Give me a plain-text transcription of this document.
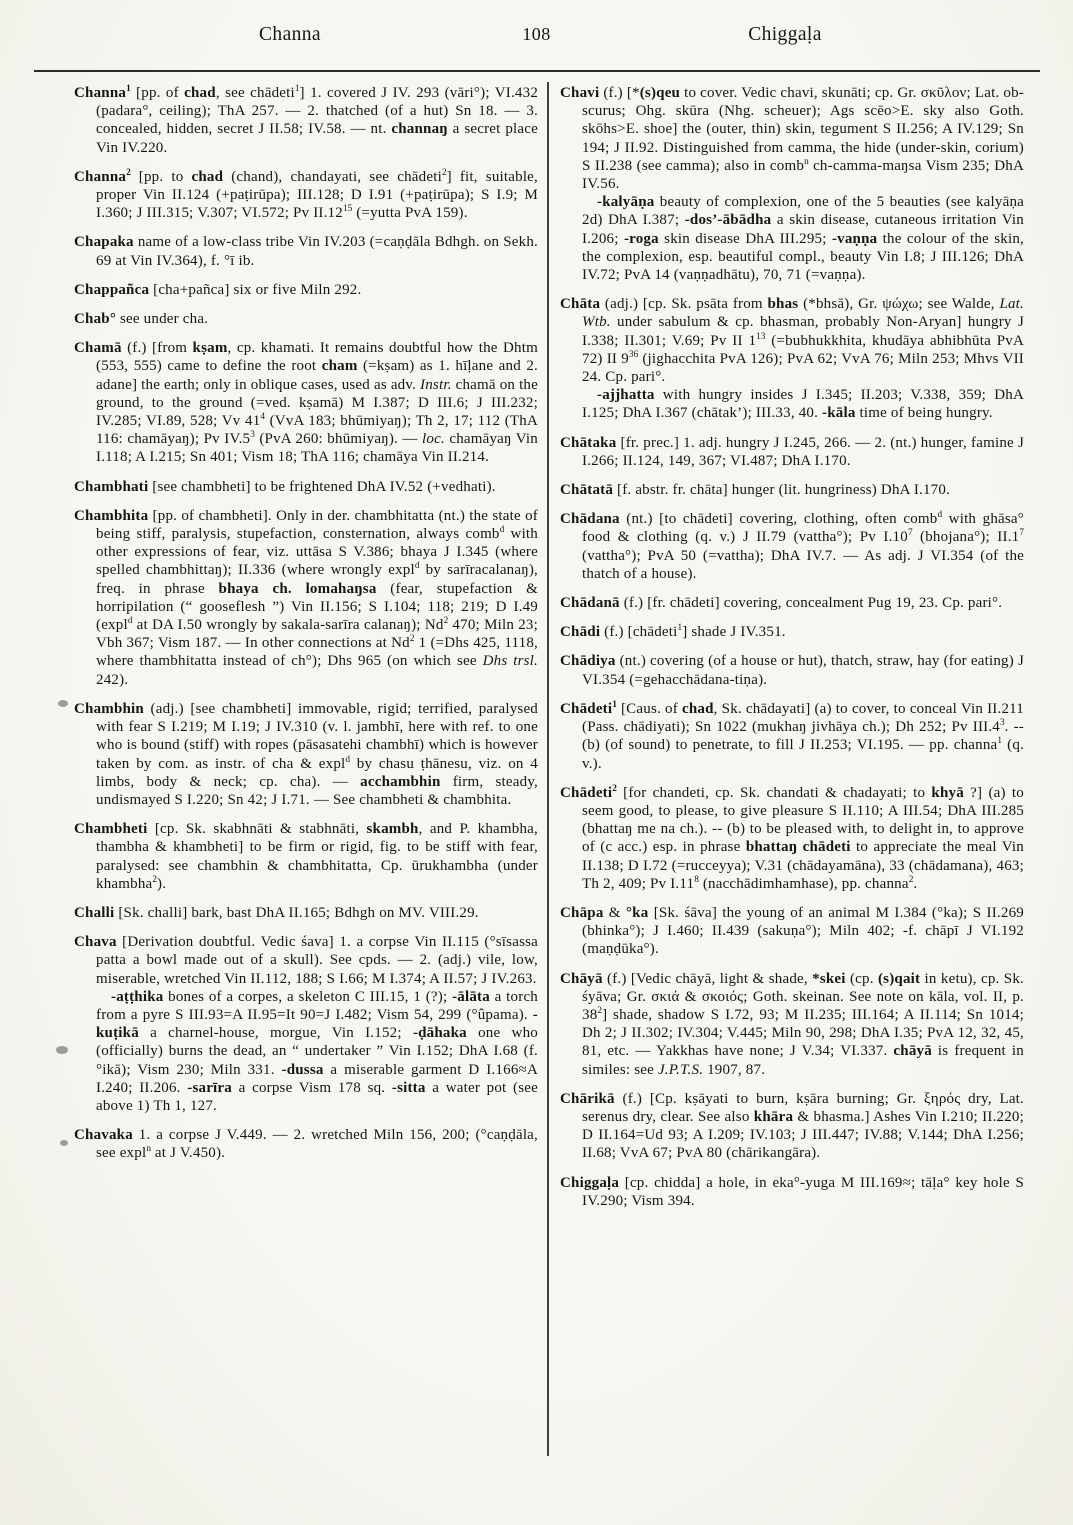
Channa	108	Chiggaḷa

Channa$^1$ [pp. of chad, see chādeti$^1$] 1. covered J IV. 293 (vāri°); VI.432 (padara°, ceiling); ThA 257. — 2. thatched (of a hut) Sn 18. — 3. concealed, hidden, secret J II.58; IV.58. — nt. channaŋ a secret place Vin IV.220.

Channa$^2$ [pp. to chad (chand), chandayati, see chādeti$^2$] fit, suitable, proper Vin II.124 (+paṭirūpa); III.128; D I.91 (+paṭirūpa); S I.9; M I.360; J III.315; V.307; VI.572; Pv $II.12^{15}$ (=yutta PvA 159).

Chapaka name of a low-class tribe Vin IV.203 (=caṇḍāla Bdhgh. on Sekh. 69 at Vin IV.364), f. °ī ib.

Chappañca [cha+pañca] six or five Miln 292.

Chab° see under cha.

Chamā (f.) [from kṣam, cp. khamati. It remains doubtful how the Dhtm (553, 555) came to define the root cham (=kṣam) as 1. hīḷane and 2. adane] the earth; only in oblique cases, used as adv. Instr. chamā on the ground, to the ground (=ved. kṣamā) M I.387; D III.6; J III.232; IV.285; VI.89, 528; Vv $41^4$ (VvA 183; bhūmiyaŋ); Th 2, 17; 112 (ThA 116: chamāyaŋ); Pv $IV.5^3$ (PvA 260: bhūmiyaŋ). — loc. chamāyaŋ Vin I.118; A I.215; Sn 401; Vism 18; ThA 116; chamāya Vin II.214.

Chambhati [see chambheti] to be frightened DhA IV.52 (+vedhati).

Chambhita [pp. of chambheti]. Only in der. chambhitatta (nt.) the state of being stiff, paralysis, stupefaction, consternation, always comb$^d$ with other expressions of fear, viz. uttāsa S V.386; bhaya J I.345 (where spelled chambhittaŋ); II.336 (where wrongly expl$^d$ by sarīracalanaŋ), freq. in phrase bhaya ch. lomahaŋsa (fear, stupefaction & horripilation (“ gooseflesh ”) Vin II.156; S I.104; 118; 219; D I.49 (expl$^d$ at DA I.50 wrongly by sakala-sarīra calanaŋ); Nd$^2$ 470; Miln 23; Vbh 367; Vism 187. — In other connections at Nd$^2$ 1 (=Dhs 425, 1118, where thambhitatta instead of ch°); Dhs 965 (on which see Dhs trsl. 242).

Chambhin (adj.) [see chambheti] immovable, rigid; terrified, paralysed with fear S I.219; M I.19; J IV.310 (v. l. jambhī, here with ref. to one who is bound (stiff) with ropes (pāsasatehi chambhī) which is however taken by com. as instr. of cha & expl$^d$ by chasu ṭhānesu, viz. on 4 limbs, body & neck; cp. cha). — acchambhin firm, steady, undismayed S I.220; Sn 42; J I.71. — See chambheti & chambhita.

Chambheti [cp. Sk. skabhnāti & stabhnāti, skambh, and P. khambha, thambha & khambheti] to be firm or rigid, fig. to be stiff with fear, paralysed: see chambhin & chambhitatta, Cp. ūrukhambha (under khambha$^2$).

Challi [Sk. challi] bark, bast DhA II.165; Bdhgh on MV. VIII.29.

Chava [Derivation doubtful. Vedic śava] 1. a corpse Vin II.115 (°sīsassa patta a bowl made out of a skull). See cpds. — 2. (adj.) vile, low, miserable, wretched Vin II.112, 188; S I.66; M I.374; A II.57; J IV.263.

-aṭṭhika bones of a corpes, a skeleton C III.15, 1 (?); -ālāta a torch from a pyre S III.93=A II.95=It 90=J I.482; Vism 54, 299 (°ûpama). -kuṭikā a charnel-house, morgue, Vin I.152; -ḍāhaka one who (officially) burns the dead, an “ undertaker ” Vin I.152; DhA I.68 (f. °ikā); Vism 230; Miln 331. -dussa a miserable garment D I.166≈A I.240; II.206. -sarīra a corpse Vism 178 sq. -sitta a water pot (see above 1) Th 1, 127.

Chavaka 1. a corpse J V.449. — 2. wretched Miln 156, 200; (°caṇḍāla, see expl$^n$ at J V.450).

Chavi (f.) [*(s)qeu to cover. Vedic chavi, skunāti; cp. Gr. σκῦλον; Lat. ob-scurus; Ohg. skūra (Nhg. scheuer); Ags scēo>E. sky also Goth. skōhs>E. shoe] the (outer, thin) skin, tegument S II.256; A IV.129; Sn 194; J II.92. Distinguished from camma, the hide (under-skin, corium) S II.238 (see camma); also in comb$^n$ ch-camma-maŋsa Vism 235; DhA IV.56.

-kalyāṇa beauty of complexion, one of the 5 beauties (see kalyāṇa 2d) DhA I.387; -dos’-ābādha a skin disease, cutaneous irritation Vin I.206; -roga skin disease DhA III.295; -vaṇṇa the colour of the skin, the complexion, esp. beautiful compl., beauty Vin I.8; J III.126; DhA IV.72; PvA 14 (vaṇṇadhātu), 70, 71 (=vaṇṇa).

Chāta (adj.) [cp. Sk. psāta from bhas (*bhsā), Gr. ψώχω; see Walde, Lat. Wtb. under sabulum & cp. bhasman, probably Non-Aryan] hungry J I.338; II.301; V.69; Pv II $1^{13}$ (=bubhukkhita, khudāya abhibhūta PvA 72) II $9^{36}$ (jighacchita PvA 126); PvA 62; VvA 76; Miln 253; Mhvs VII 24. Cp. pari°.

-ajjhatta with hungry insides J I.345; II.203; V.338, 359; DhA I.125; DhA I.367 (chātak’); III.33, 40. -kāla time of being hungry.

Chātaka [fr. prec.] 1. adj. hungry J I.245, 266. — 2. (nt.) hunger, famine J I.266; II.124, 149, 367; VI.487; DhA I.170.

Chātatā [f. abstr. fr. chāta] hunger (lit. hungriness) DhA I.170.

Chādana (nt.) [to chādeti] covering, clothing, often comb$^d$ with ghāsa° food & clothing (q. v.) J II.79 (vattha°); Pv $I.10^7$ (bhojana°); $II.1^7$ (vattha°); PvA 50 (=vattha); DhA IV.7. — As adj. J VI.354 (of the thatch of a house).

Chādanā (f.) [fr. chādeti] covering, concealment Pug 19, 23. Cp. pari°.

Chādi (f.) [chādeti$^1$] shade J IV.351.

Chādiya (nt.) covering (of a house or hut), thatch, straw, hay (for eating) J VI.354 (=gehacchādana-tiṇa).

Chādeti$^1$ [Caus. of chad, Sk. chādayati] (a) to cover, to conceal Vin II.211 (Pass. chādiyati); Sn 1022 (mukhaŋ jivhāya ch.); Dh 252; Pv $III.4^3$. -- (b) (of sound) to penetrate, to fill J II.253; VI.195. — pp. channa$^1$ (q. v.).

Chādeti$^2$ [for chandeti, cp. Sk. chandati & chadayati; to khyā ?] (a) to seem good, to please, to give pleasure S II.110; A III.54; DhA III.285 (bhattaŋ me na ch.). -- (b) to be pleased with, to delight in, to approve of (c acc.) esp. in phrase bhattaŋ chādeti to appreciate the meal Vin II.138; D I.72 (=rucceyya); V.31 (chādayamāna), 33 (chādamana), 463; Th 2, 409; Pv $I.11^8$ (nacchādimhamhase), pp. channa$^2$.

Chāpa & °ka [Sk. śāva] the young of an animal M I.384 (°ka); S II.269 (bhinka°); J I.460; II.439 (sakuṇa°); Miln 402; -f. chāpī J VI.192 (maṇḍūka°).

Chāyā (f.) [Vedic chāyā, light & shade, *skei (cp. (s)qait in ketu), cp. Sk. śyāva; Gr. σκιά & σκοιός; Goth. skeinan. See note on kāla, vol. II, p. $38^2$] shade, shadow S I.72, 93; M II.235; III.164; A II.114; Sn 1014; Dh 2; J II.302; IV.304; V.445; Miln 90, 298; DhA I.35; PvA 12, 32, 45, 81, etc. — Yakkhas have none; J V.34; VI.337. chāyā is frequent in similes: see J.P.T.S. 1907, 87.

Chārikā (f.) [Cp. kṣāyati to burn, kṣāra burning; Gr. ξηρός dry, Lat. serenus dry, clear. See also khāra & bhasma.] Ashes Vin I.210; II.220; D II.164=Ud 93; A I.209; IV.103; J III.447; IV.88; V.144; DhA I.256; II.68; VvA 67; PvA 80 (chārikangāra).

Chiggaḷa [cp. chidda] a hole, in eka°-yuga M III.169≈; tāḷa° key hole S IV.290; Vism 394.
